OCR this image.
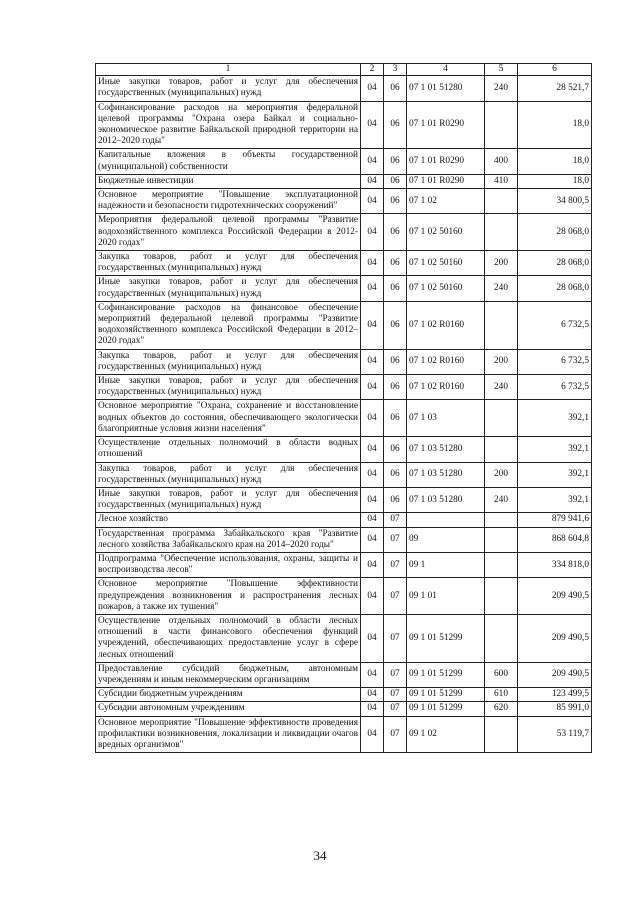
1	2	3	4	5	6
Иные закупки товаров, работ и услуг для обеспечения государственных (муниципальных) нужд	04	06	07 1 01 51280	240	28 521,7
Софинансирование расходов на мероприятия федеральной целевой программы "Охрана озера Байкал и социально-экономическое развитие Байкальской природной территории на 2012–2020 годы"	04	06	07 1 01 R0290		18,0
Капитальные вложения в объекты государственной (муниципальной) собственности	04	06	07 1 01 R0290	400	18,0
Бюджетные инвестиции	04	06	07 1 01 R0290	410	18,0
Основное мероприятие "Повышение эксплуатационной надежности и безопасности гидротехнических сооружений"	04	06	07 1 02		34 800,5
Мероприятия федеральной целевой программы "Развитие водохозяйственного комплекса Российской Федерации в 2012-2020 годах"	04	06	07 1 02 50160		28 068,0
Закупка товаров, работ и услуг для обеспечения государственных (муниципальных) нужд	04	06	07 1 02 50160	200	28 068,0
Иные закупки товаров, работ и услуг для обеспечения государственных (муниципальных) нужд	04	06	07 1 02 50160	240	28 068,0
Софинансирование расходов на финансовое обеспечение мероприятий федеральной целевой программы "Развитие водохозяйственного комплекса Российской Федерации в 2012–2020 годах"	04	06	07 1 02 R0160		6 732,5
Закупка товаров, работ и услуг для обеспечения государственных (муниципальных) нужд	04	06	07 1 02 R0160	200	6 732,5
Иные закупки товаров, работ и услуг для обеспечения государственных (муниципальных) нужд	04	06	07 1 02 R0160	240	6 732,5
Основное мероприятие "Охрана, сохранение и восстановление водных объектов до состояния, обеспечивающего экологически благоприятные условия жизни населения"	04	06	07 1 03		392,1
Осуществление отдельных полномочий в области водных отношений	04	06	07 1 03 51280		392,1
Закупка товаров, работ и услуг для обеспечения государственных (муниципальных) нужд	04	06	07 1 03 51280	200	392,1
Иные закупки товаров, работ и услуг для обеспечения государственных (муниципальных) нужд	04	06	07 1 03 51280	240	392,1
Лесное хозяйство	04	07			879 941,6
Государственная программа Забайкальского края "Развитие лесного хозяйства Забайкальского края на 2014–2020 годы"	04	07	09		868 604,8
Подпрограмма "Обеспечение использования, охраны, защиты и воспроизводства лесов"	04	07	09 1		334 818,0
Основное мероприятие "Повышение эффективности предупреждения возникновения и распространения лесных пожаров, а также их тушения"	04	07	09 1 01		209 490,5
Осуществление отдельных полномочий в области лесных отношений в части финансового обеспечения функций учреждений, обеспечивающих предоставление услуг в сфере лесных отношений	04	07	09 1 01 51299		209 490,5
Предоставление субсидий бюджетным, автономным учреждениям и иным некоммерческим организациям	04	07	09 1 01 51299	600	209 490,5
Субсидии бюджетным учреждениям	04	07	09 1 01 51299	610	123 499,5
Субсидии автономным учреждениям	04	07	09 1 01 51299	620	85 991,0
Основное мероприятие "Повышение эффективности проведения профилактики возникновения, локализации и ликвидации очагов вредных организмов"	04	07	09 1 02		53 119,7
34
